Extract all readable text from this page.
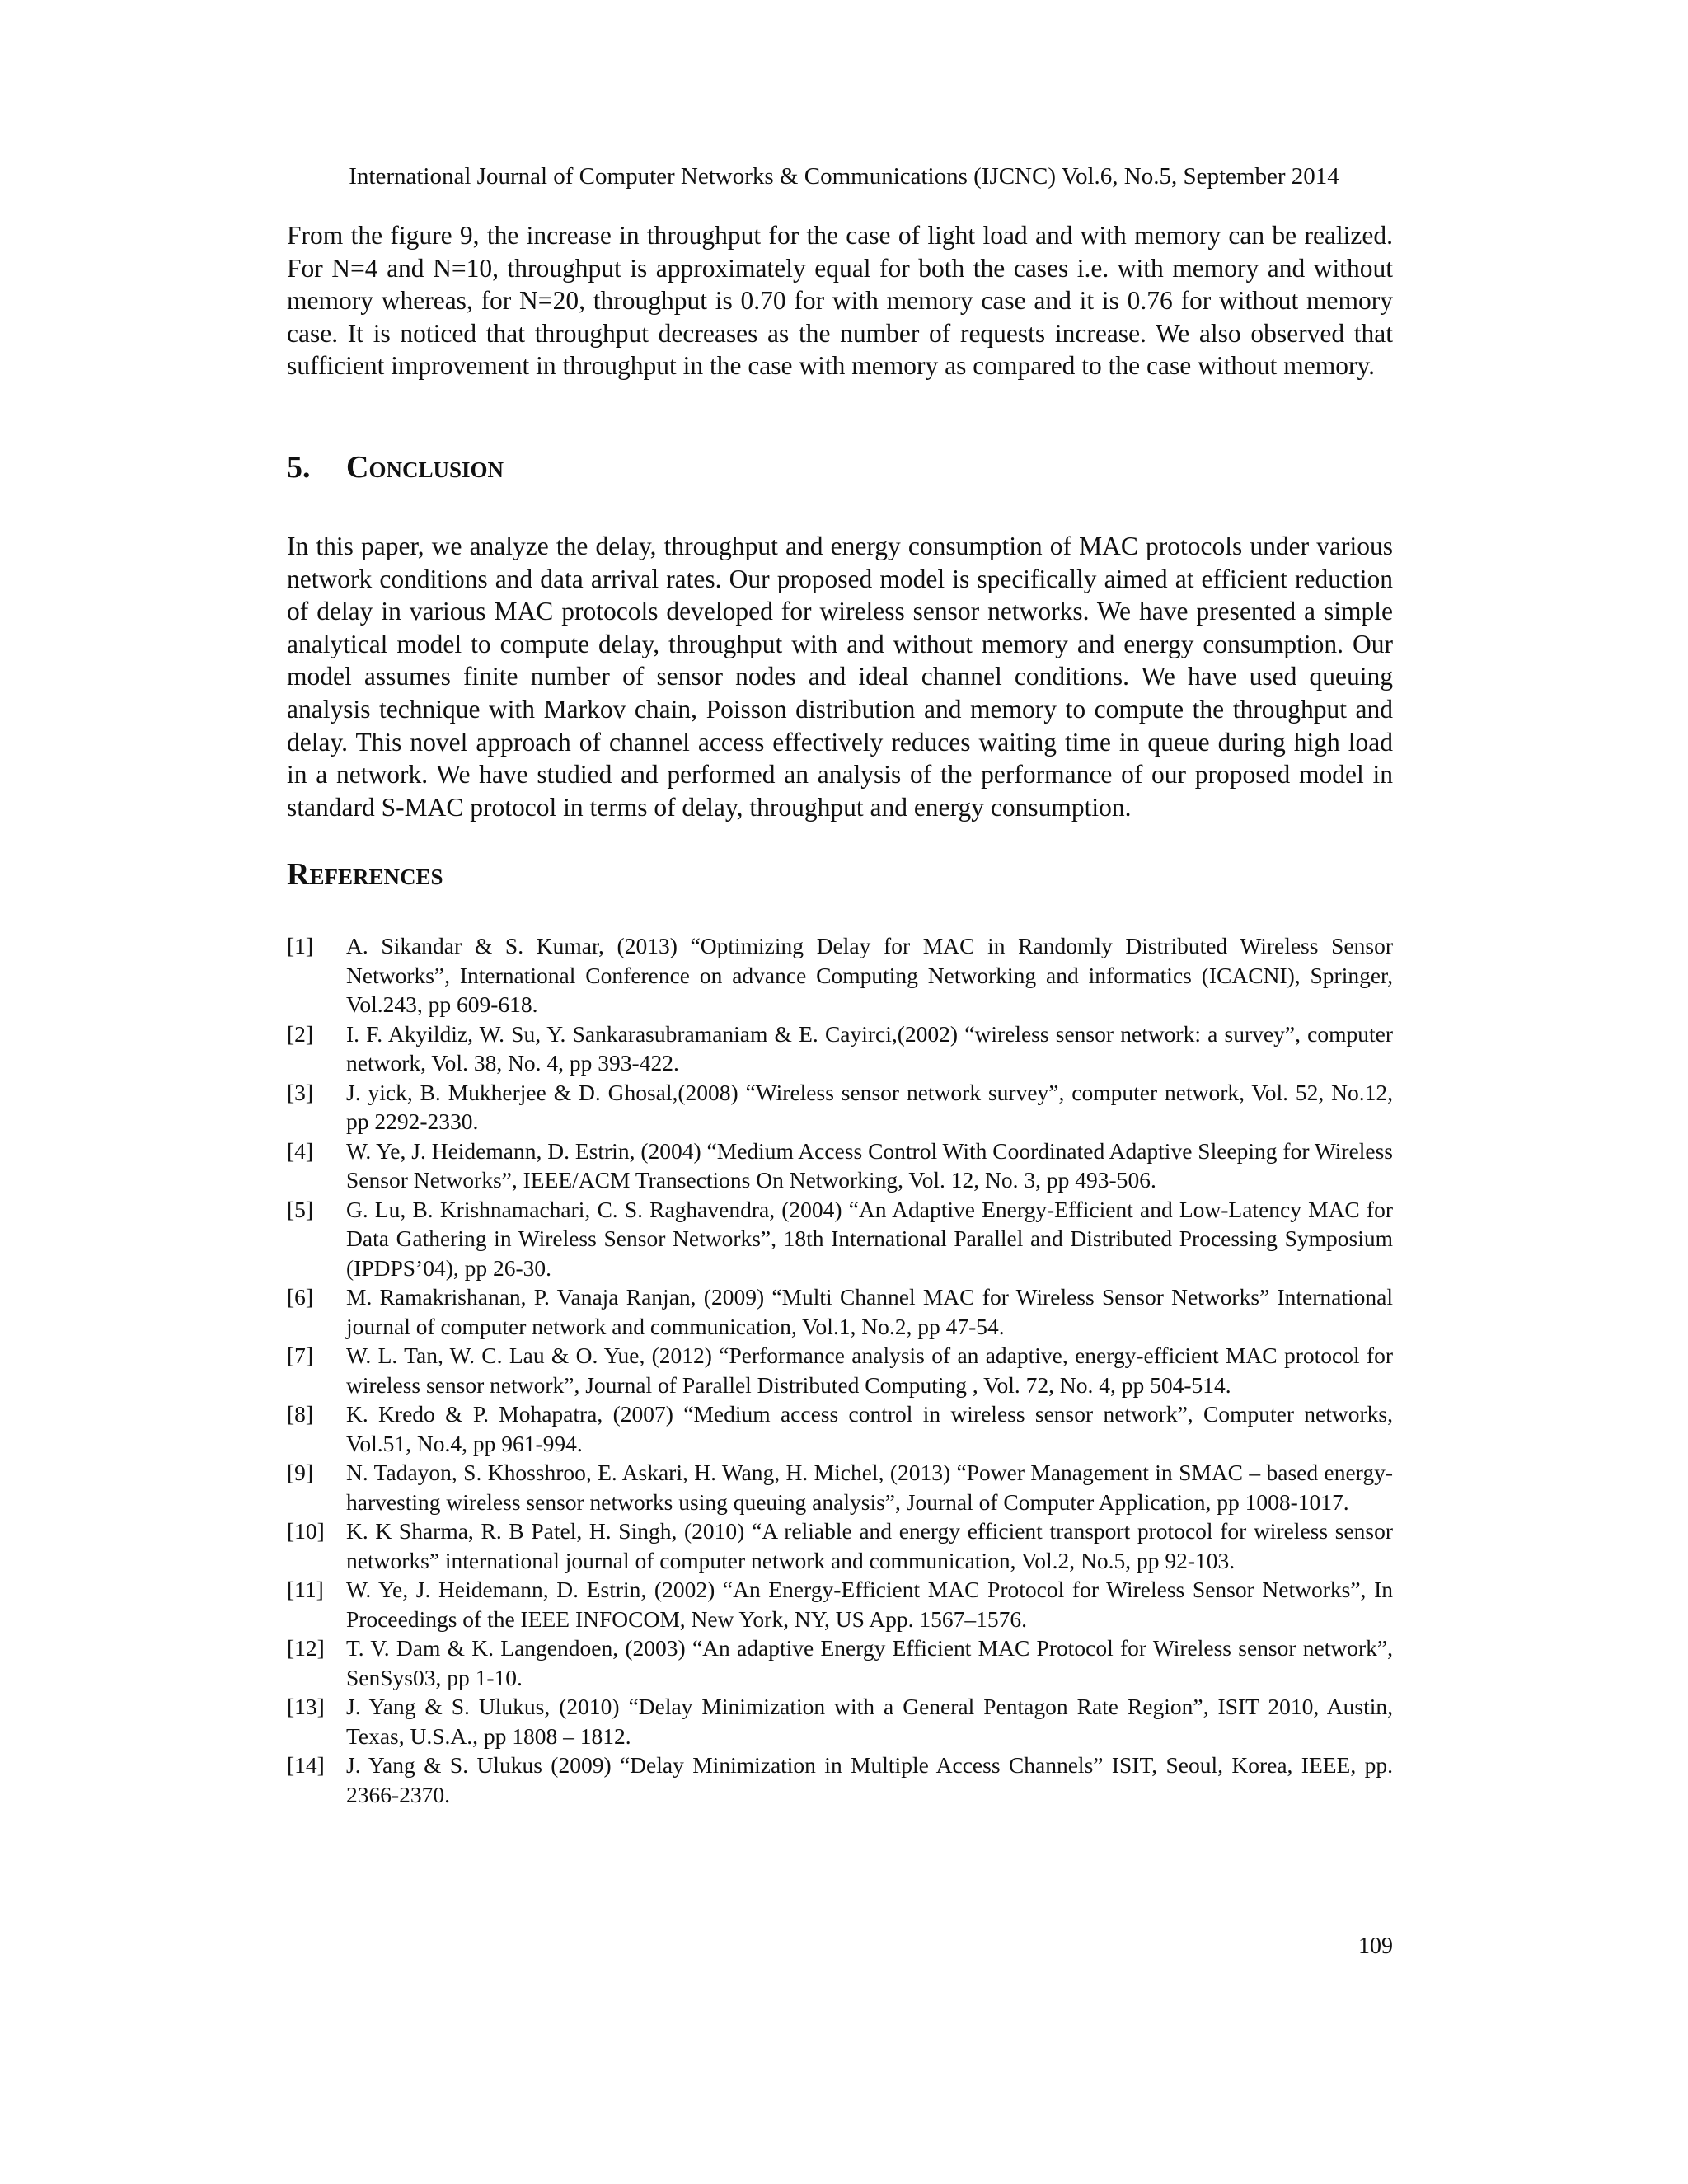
International Journal of Computer Networks & Communications (IJCNC) Vol.6, No.5, September 2014

From the figure 9, the increase in throughput for the case of light load and with memory can be realized. For N=4 and N=10, throughput is approximately equal for both the cases i.e. with memory and without memory whereas, for N=20, throughput is 0.70 for with memory case and it is 0.76 for without memory case. It is noticed that throughput decreases as the number of requests increase. We also observed that sufficient improvement in throughput in the case with memory as compared to the case without memory.

5. Conclusion

In this paper, we analyze the delay, throughput and energy consumption of MAC protocols under various network conditions and data arrival rates. Our proposed model is specifically aimed at efficient reduction of delay in various MAC protocols developed for wireless sensor networks. We have presented a simple analytical model to compute delay, throughput with and without memory and energy consumption. Our model assumes finite number of sensor nodes and ideal channel conditions. We have used queuing analysis technique with Markov chain, Poisson distribution and memory to compute the throughput and delay. This novel approach of channel access effectively reduces waiting time in queue during high load in a network. We have studied and performed an analysis of the performance of our proposed model in standard S-MAC protocol in terms of delay, throughput and energy consumption.

References
[1] A. Sikandar & S. Kumar, (2013) “Optimizing Delay for MAC in Randomly Distributed Wireless Sensor Networks”, International Conference on advance Computing Networking and informatics (ICACNI), Springer, Vol.243, pp 609-618.
[2] I. F. Akyildiz, W. Su, Y. Sankarasubramaniam & E. Cayirci,(2002) “wireless sensor network: a survey”, computer network, Vol. 38, No. 4, pp 393-422.
[3] J. yick, B. Mukherjee & D. Ghosal,(2008) “Wireless sensor network survey”, computer network, Vol. 52, No.12, pp 2292-2330.
[4] W. Ye, J. Heidemann, D. Estrin, (2004) “Medium Access Control With Coordinated Adaptive Sleeping for Wireless Sensor Networks”, IEEE/ACM Transections On Networking, Vol. 12, No. 3, pp 493-506.
[5] G. Lu, B. Krishnamachari, C. S. Raghavendra, (2004) “An Adaptive Energy-Efficient and Low-Latency MAC for Data Gathering in Wireless Sensor Networks”, 18th International Parallel and Distributed Processing Symposium (IPDPS’04), pp 26-30.
[6] M. Ramakrishanan, P. Vanaja Ranjan, (2009) “Multi Channel MAC for Wireless Sensor Networks” International journal of computer network and communication, Vol.1, No.2, pp 47-54.
[7] W. L. Tan, W. C. Lau & O. Yue, (2012) “Performance analysis of an adaptive, energy-efficient MAC protocol for wireless sensor network”, Journal of Parallel Distributed Computing , Vol. 72, No. 4, pp 504-514.
[8] K. Kredo & P. Mohapatra, (2007) “Medium access control in wireless sensor network”, Computer networks, Vol.51, No.4, pp 961-994.
[9] N. Tadayon, S. Khosshroo, E. Askari, H. Wang, H. Michel, (2013) “Power Management in SMAC – based energy-harvesting wireless sensor networks using queuing analysis”, Journal of Computer Application, pp 1008-1017.
[10] K. K Sharma, R. B Patel, H. Singh, (2010) “A reliable and energy efficient transport protocol for wireless sensor networks” international journal of computer network and communication, Vol.2, No.5, pp 92-103.
[11] W. Ye, J. Heidemann, D. Estrin, (2002) “An Energy-Efficient MAC Protocol for Wireless Sensor Networks”, In Proceedings of the IEEE INFOCOM, New York, NY, US App. 1567–1576.
[12] T. V. Dam & K. Langendoen, (2003) “An adaptive Energy Efficient MAC Protocol for Wireless sensor network”, SenSys03, pp 1-10.
[13] J. Yang & S. Ulukus, (2010) “Delay Minimization with a General Pentagon Rate Region”, ISIT 2010, Austin, Texas, U.S.A., pp 1808 – 1812.
[14] J. Yang & S. Ulukus (2009) “Delay Minimization in Multiple Access Channels” ISIT, Seoul, Korea, IEEE, pp. 2366-2370.
109
